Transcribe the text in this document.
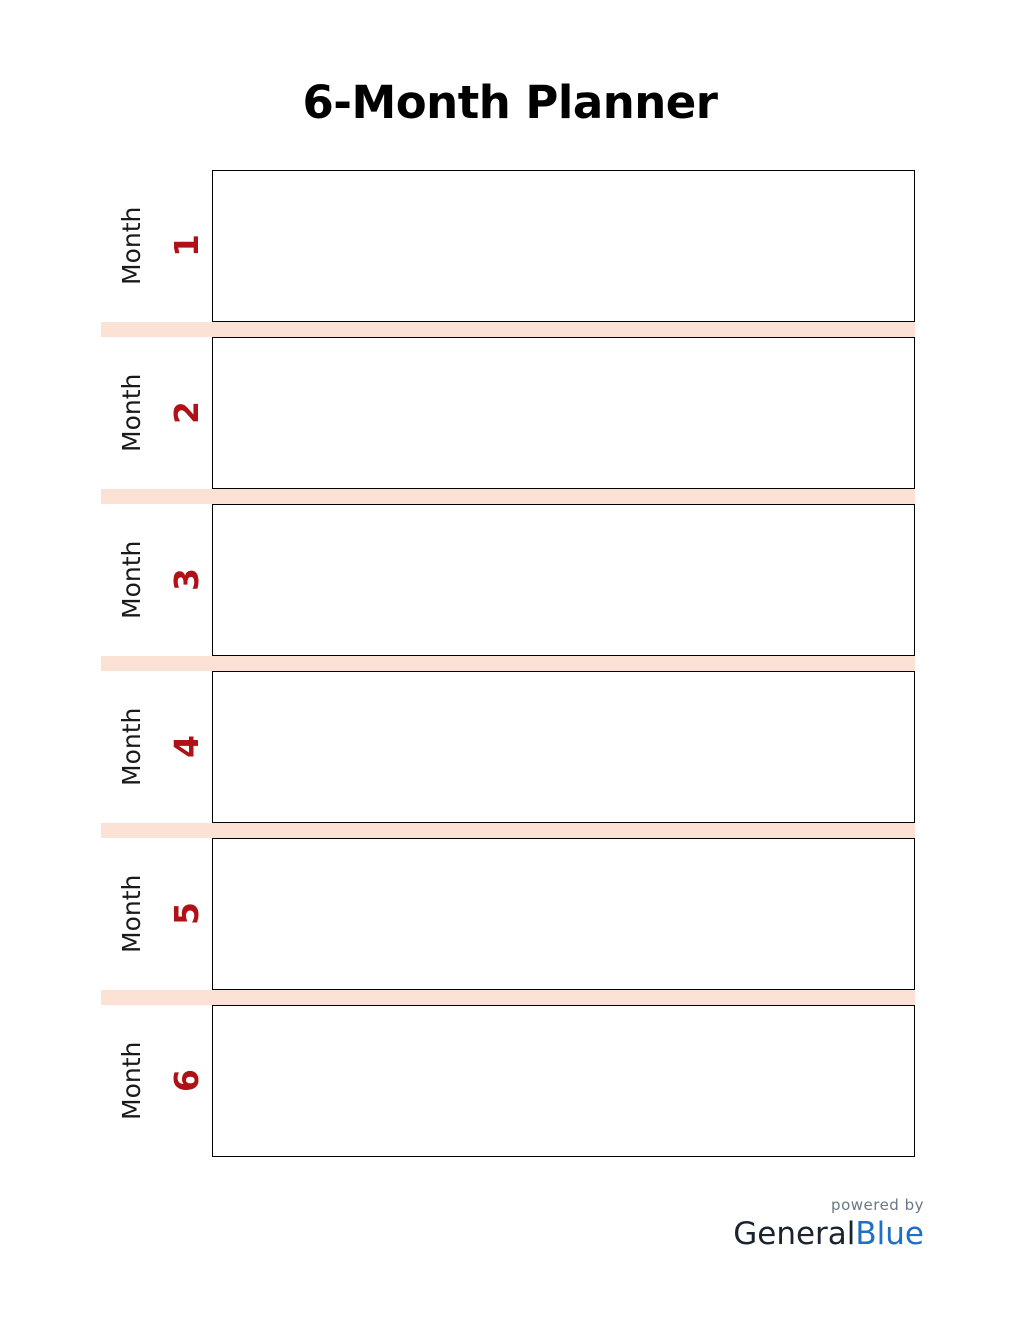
6-Month Planner
Month 1
Month 2
Month 3
Month 4
Month 5
Month 6
powered by
GeneralBlue
